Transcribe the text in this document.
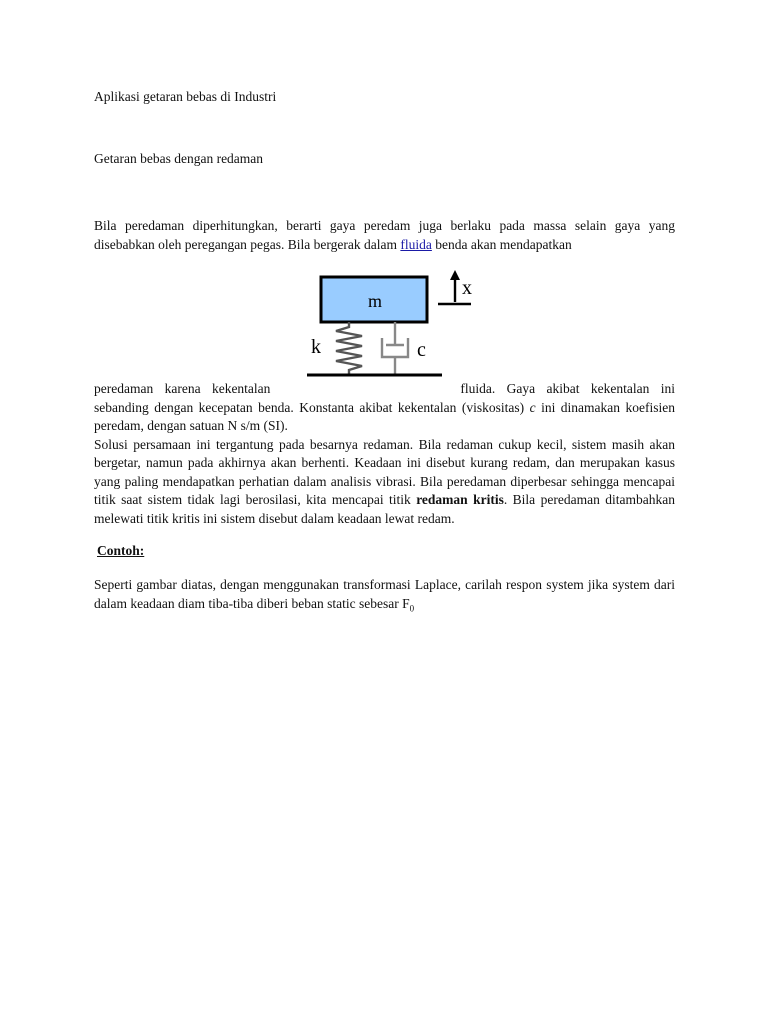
Aplikasi getaran bebas di Industri
Getaran bebas dengan redaman

Bila peredaman diperhitungkan, berarti gaya peredam juga berlaku pada massa selain gaya yang disebabkan oleh peregangan pegas. Bila bergerak dalam fluida benda akan mendapatkan

m
k	c
x

peredaman karena kekentalan	fluida. Gaya akibat kekentalan ini sebanding dengan kecepatan benda. Konstanta akibat kekentalan (viskositas) c ini dinamakan koefisien peredam, dengan satuan N s/m (SI).

Solusi persamaan ini tergantung pada besarnya redaman. Bila redaman cukup kecil, sistem masih akan bergetar, namun pada akhirnya akan berhenti. Keadaan ini disebut kurang redam, dan merupakan kasus yang paling mendapatkan perhatian dalam analisis vibrasi. Bila peredaman diperbesar sehingga mencapai titik saat sistem tidak lagi berosilasi, kita mencapai titik redaman kritis. Bila peredaman ditambahkan melewati titik kritis ini sistem disebut dalam keadaan lewat redam.

Contoh:

Seperti gambar diatas, dengan menggunakan transformasi Laplace, carilah respon system jika system dari dalam keadaan diam tiba-tiba diberi beban static sebesar $F_0$
